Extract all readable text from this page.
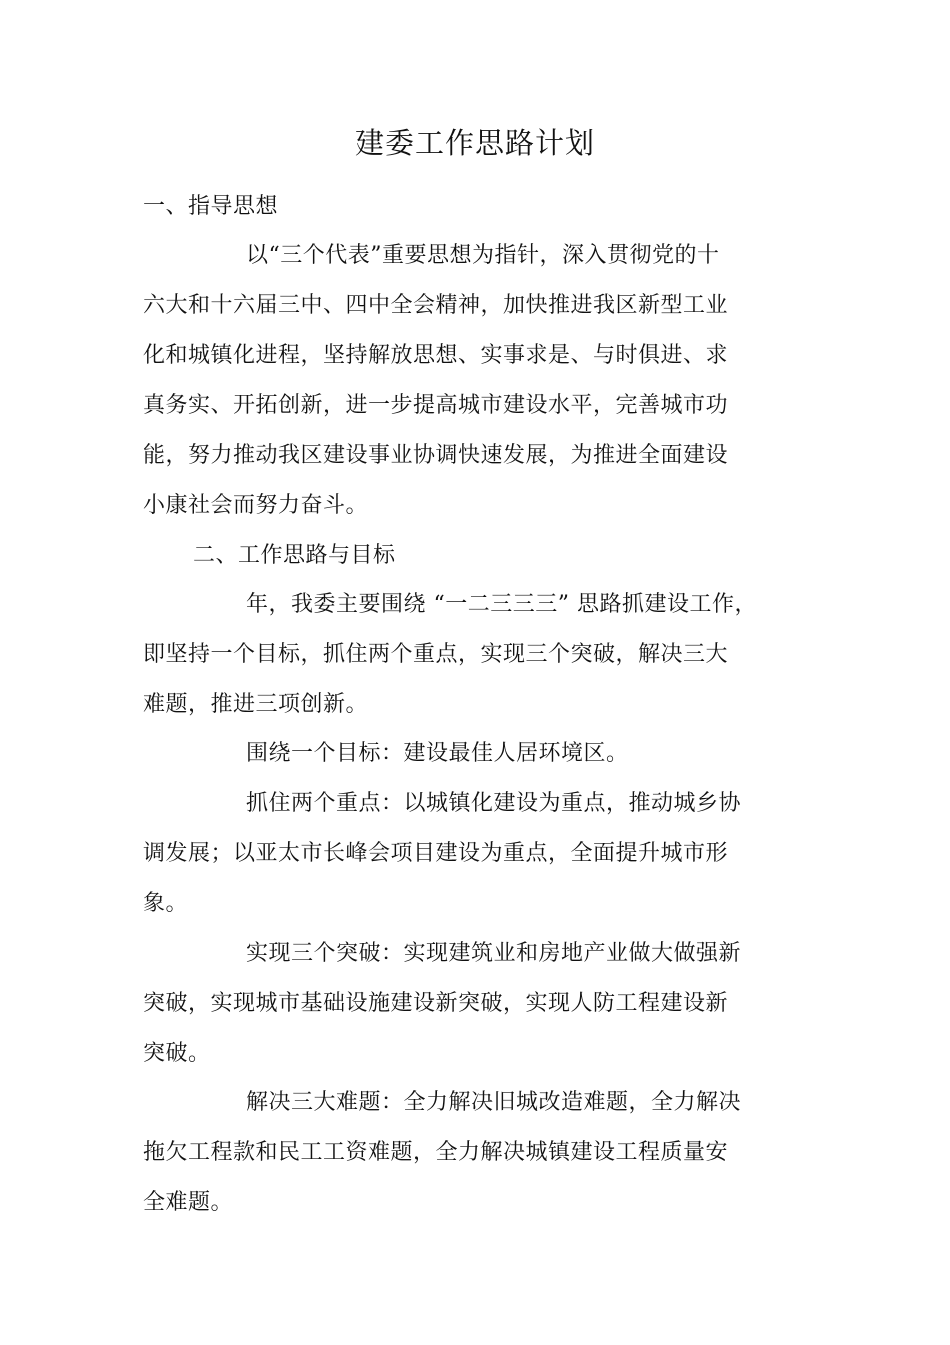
建委工作思路计划
一、指导思想
以“三个代表”重要思想为指针，深入贯彻党的十
六大和十六届三中、四中全会精神，加快推进我区新型工业
化和城镇化进程，坚持解放思想、实事求是、与时俱进、求
真务实、开拓创新，进一步提高城市建设水平，完善城市功
能，努力推动我区建设事业协调快速发展，为推进全面建设
小康社会而努力奋斗。
二、工作思路与目标
年，我委主要围绕 “一二三三三” 思路抓建设工作，
即坚持一个目标，抓住两个重点，实现三个突破，解决三大
难题，推进三项创新。
围绕一个目标：建设最佳人居环境区。
抓住两个重点：以城镇化建设为重点，推动城乡协
调发展；以亚太市长峰会项目建设为重点，全面提升城市形
象。
实现三个突破：实现建筑业和房地产业做大做强新
突破，实现城市基础设施建设新突破，实现人防工程建设新
突破。
解决三大难题：全力解决旧城改造难题，全力解决
拖欠工程款和民工工资难题，全力解决城镇建设工程质量安
全难题。
